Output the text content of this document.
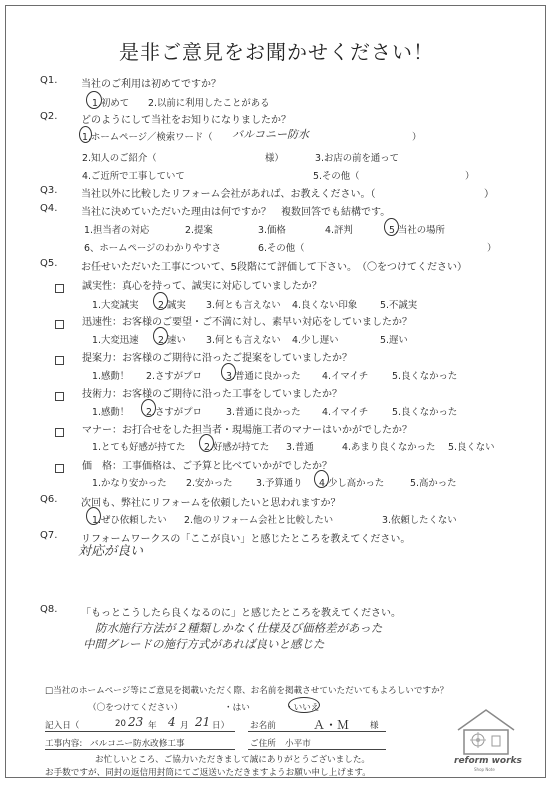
是非ご意見をお聞かせください！
Q1. 当社のご利用は初めてですか？
1.初めて 2.以前に利用したことがある
Q2. どのようにして当社をお知りになりましたか？
1.ホームページ／検索ワード（ バルコニー防水	）
2.知人のご紹介（	様）	3.お店の前を通って
4.ご近所で工事していて	5.その他（	）
Q3. 当社以外に比較したリフォーム会社があれば、お教えください。（	）
Q4. 当社に決めていただいた理由は何ですか？　複数回答でも結構です。
1.担当者の対応	2.提案	3.価格	4.評判	5.当社の場所
6、ホームページのわかりやすさ	6.その他（	）
Q5. お任せいただいた工事について、5段階にて評価して下さい。　（〇をつけてください）
誠実性：真心を持って、誠実に対応していましたか？
1.大変誠実 2.誠実 3.何とも言えない 4.良くない印象 5.不誠実
迅速性：お客様のご要望・ご不満に対し、素早い対応をしていましたか？
1.大変迅速 2.速い 3.何とも言えない 4.少し遅い	5.遅い
提案力：お客様のご期待に沿ったご提案をしていましたか？
1.感動！ 2.さすがプロ	3.普通に良かった 4.イマイチ	5.良くなかった
技術力：お客様のご期待に沿った工事をしていましたか？
1.感動！ 2.さすがプロ	3.普通に良かった 4.イマイチ	5.良くなかった
マナー：お打合せをした担当者・現場施工者のマナーはいかがでしたか？
1.とても好感が持てた 2.好感が持てた 3.普通	4.あまり良くなかった 5.良くない
価　格：工事価格は、ご予算と比べていかがでしたか？
1.かなり安かった 2.安かった	3.予算通り 4.少し高かった	5.高かった
Q6. 次回も、弊社にリフォームを依頼したいと思われますか？
1.ぜひ依頼したい 2.他のリフォーム会社と比較したい	3.依頼したくない
Q7. リフォームワークスの「ここが良い」と感じたところを教えてください。
対応が良い
Q8. 「もっとこうしたら良くなるのに」と感じたところを教えてください。
防水施行方法が２種類しかなく仕様及び価格差があった
中間グレードの施行方式があれば良いと感じた
□当社のホームページ等にご意見を掲載いただく際、お名前を掲載させていただいてもよろしいですか？
（〇をつけてください）	・はい	・いいえ
記入日（	20 23 年 4 月 21 日） お名前	Ａ・Ｍ 様
工事内容: バルコニー防水改修工事	ご住所 小平市
お忙しいところ、ご協力いただきまして誠にありがとうございました。
お手数ですが、同封の返信用封筒にてご返送いただきますようお願い申し上げます。
reform works
Shop Note
